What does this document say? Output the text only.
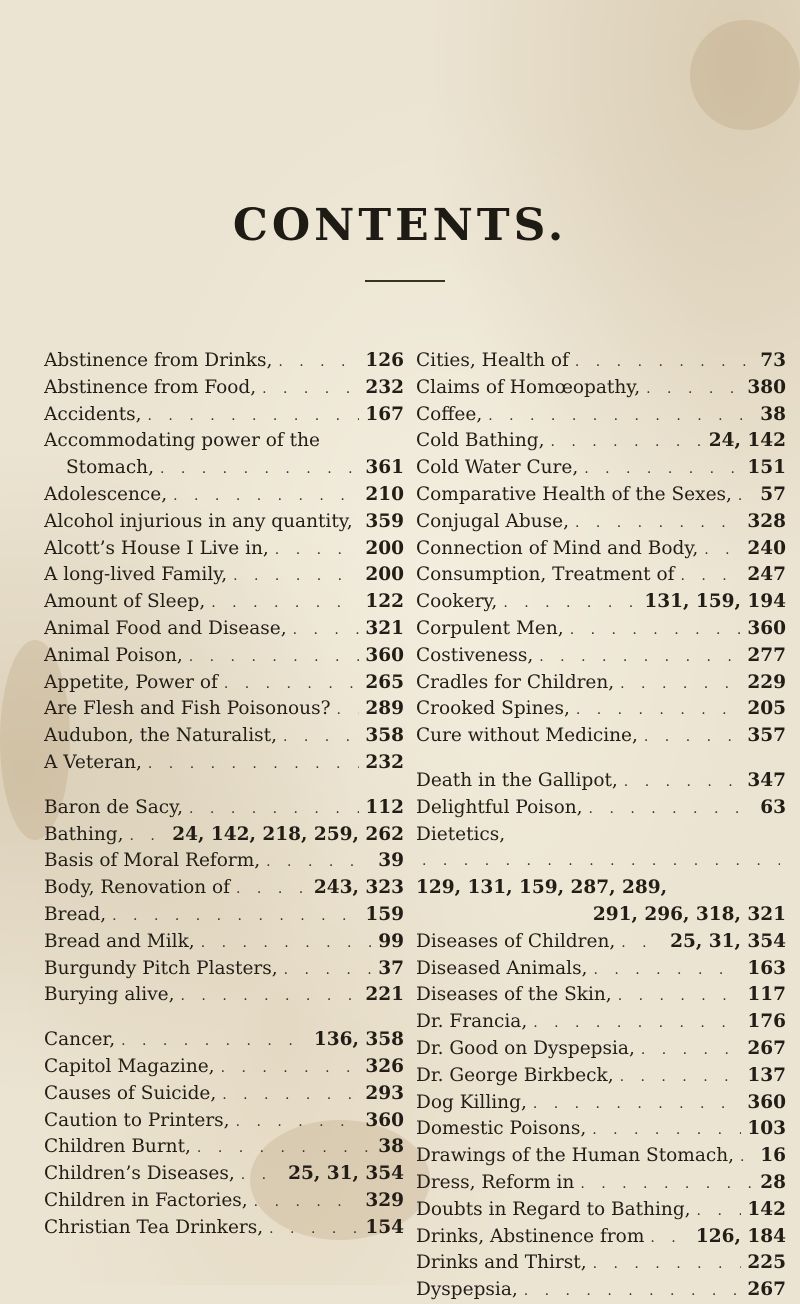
CONTENTS.
Abstinence from Drinks, . . .	126
Abstinence from Food, . . .	232
Accidents, . . .	167
Accommodating power of the
Stomach, . . .	361
Adolescence, . . .	210
Alcohol injurious in any quantity, . . . 359
Alcott’s House I Live in, . . .	200
A long-lived Family, . . .	200
Amount of Sleep, . . .	122
Animal Food and Disease, . . .	321
Animal Poison, . . .	360
Appetite, Power of . . .	265
Are Flesh and Fish Poisonous? . . . 289
Audubon, the Naturalist, . . .	358
A Veteran, . . .	232
Baron de Sacy, . . .	112
Bathing, . . .	24, 142, 218, 259, 262
Basis of Moral Reform, . . .	39
Body, Renovation of . . .	243, 323
Bread, . . .	159
Bread and Milk, . . .	99
Burgundy Pitch Plasters, . . .	37
Burying alive, . . .	221
Cancer, . . .	136, 358
Capitol Magazine, . . .	326
Causes of Suicide, . . .	293
Caution to Printers, . . .	360
Children Burnt, . . .	38
Children’s Diseases, . . .	25, 31, 354
Children in Factories, . . .	329
Christian Tea Drinkers, . . .	154
Cities, Health of . . .	73
Claims of Homœopathy, . . .	380
Coffee, . . .	38
Cold Bathing, . . .	24, 142
Cold Water Cure, . . .	151
Comparative Health of the Sexes, . . . 57
Conjugal Abuse, . . .	328
Connection of Mind and Body, . . .	240
Consumption, Treatment of . . .	247
Cookery, . . .	131, 159, 194
Corpulent Men, . . .	360
Costiveness, . . .	277
Cradles for Children, . . .	229
Crooked Spines, . . .	205
Cure without Medicine, . . .	357
Death in the Gallipot, . . .	347
Delightful Poison, . . .	63
Dietetics,
. . .
129, 131, 159, 287, 289,
291, 296, 318, 321
Diseases of Children, . . .	25, 31, 354
Diseased Animals, . . .	163
Diseases of the Skin, . . .	117
Dr. Francia, . . .	176
Dr. Good on Dyspepsia, . . .	267
Dr. George Birkbeck, . . .	137
Dog Killing, . . .	360
Domestic Poisons, . . .	103
Drawings of the Human Stomach, . . . 16
Dress, Reform in . . .	28
Doubts in Regard to Bathing, . . .	142
Drinks, Abstinence from . . .	126, 184
Drinks and Thirst, . . .	225
Dyspepsia, . . .	267
